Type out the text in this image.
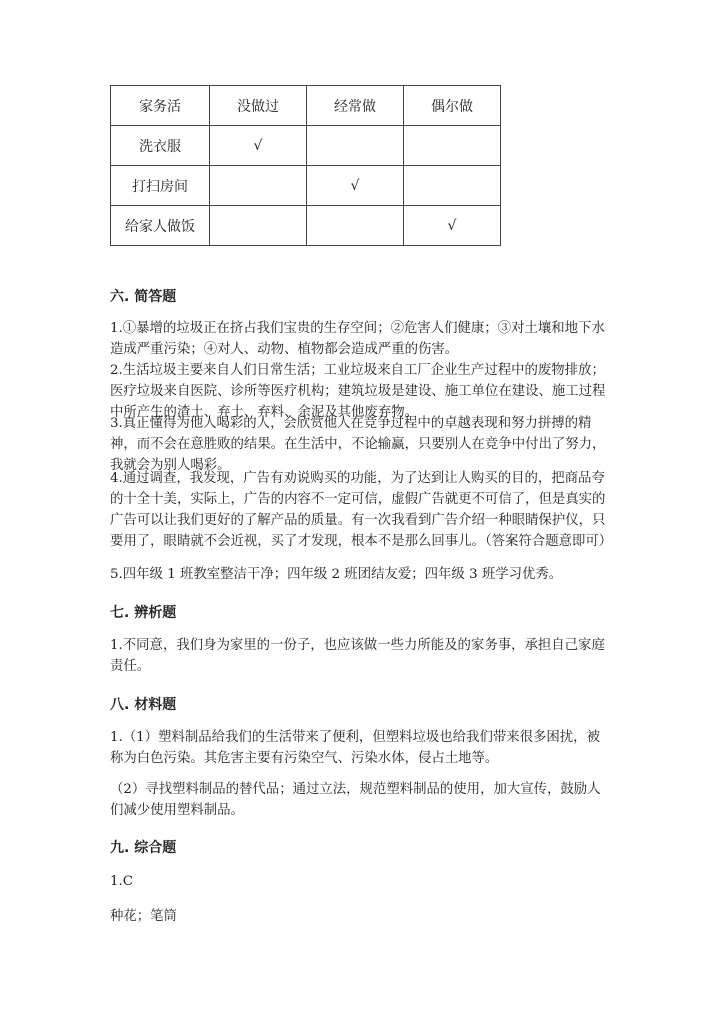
家务活	没做过	经常做	偶尔做
洗衣服	√		
打扫房间		√	
给家人做饭			√
六. 简答题

1.①暴增的垃圾正在挤占我们宝贵的生存空间；②危害人们健康；③对土壤和地下水造成严重污染；④对人、动物、植物都会造成严重的伤害。

2.生活垃圾主要来自人们日常生活；工业垃圾来自工厂企业生产过程中的废物排放；医疗垃圾来自医院、诊所等医疗机构；建筑垃圾是建设、施工单位在建设、施工过程中所产生的渣土、弃土、弃料、余泥及其他废弃物。

3.真正懂得为他人喝彩的人，会欣赏他人在竞争过程中的卓越表现和努力拼搏的精神，而不会在意胜败的结果。在生活中，不论输赢，只要别人在竞争中付出了努力，我就会为别人喝彩。

4.通过调查，我发现，广告有劝说购买的功能，为了达到让人购买的目的，把商品夸的十全十美，实际上，广告的内容不一定可信，虚假广告就更不可信了，但是真实的广告可以让我们更好的了解产品的质量。有一次我看到广告介绍一种眼睛保护仪，只要用了，眼睛就不会近视，买了才发现，根本不是那么回事儿。（答案符合题意即可）

5.四年级 1 班教室整洁干净；四年级 2 班团结友爱；四年级 3 班学习优秀。

七. 辨析题

1.不同意，我们身为家里的一份子，也应该做一些力所能及的家务事，承担自己家庭责任。

八. 材料题

1.（1）塑料制品给我们的生活带来了便利，但塑料垃圾也给我们带来很多困扰，被称为白色污染。其危害主要有污染空气、污染水体，侵占土地等。

（2）寻找塑料制品的替代品；通过立法，规范塑料制品的使用，加大宣传，鼓励人们减少使用塑料制品。

九. 综合题

1.C

种花；笔筒
